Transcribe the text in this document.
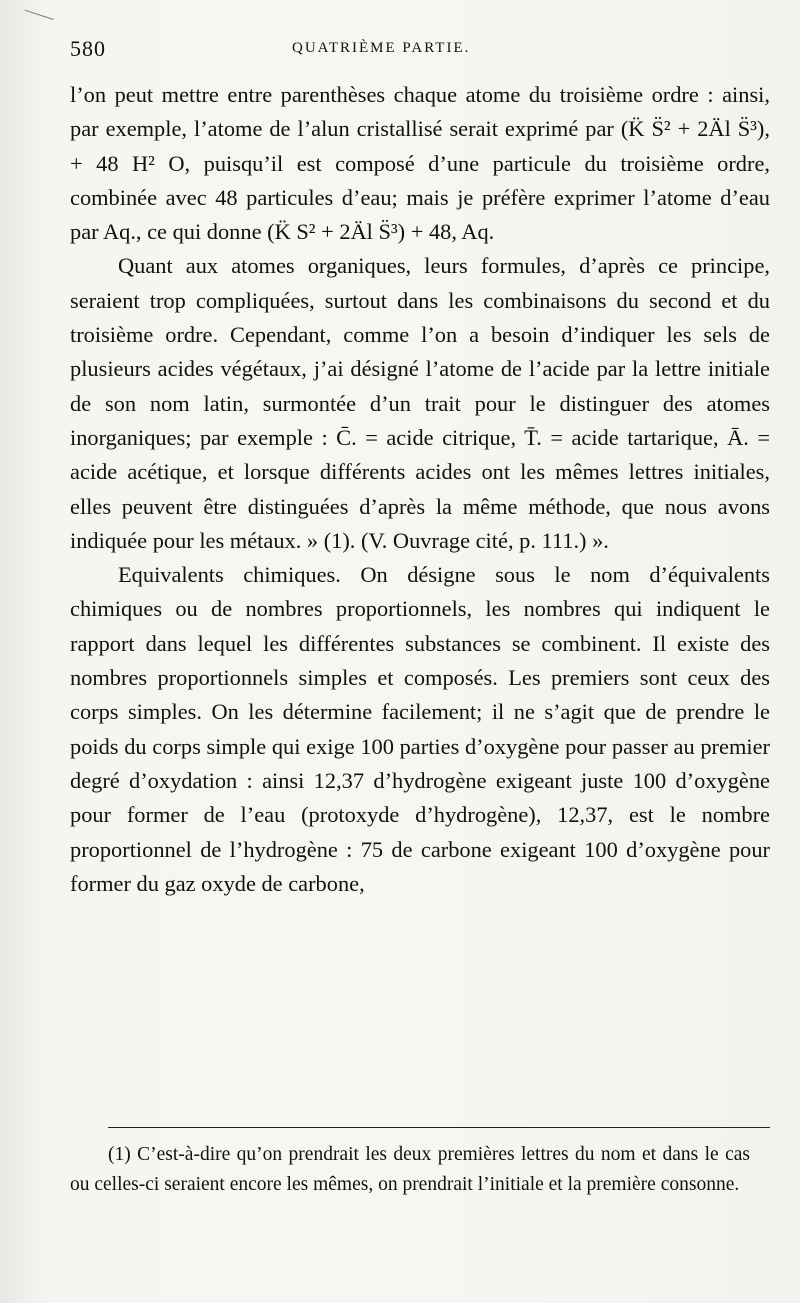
580	QUATRIÈME PARTIE.

l’on peut mettre entre parenthèses chaque atome du troisième ordre : ainsi, par exemple, l’atome de l’alun cristallisé serait exprimé par (K̈ S̈² + 2Äl S̈³), + 48 H² O, puisqu’il est composé d’une particule du troisième ordre, combinée avec 48 particules d’eau; mais je préfère exprimer l’atome d’eau par Aq., ce qui donne (K̈ S² + 2Äl S̈³) + 48, Aq.

Quant aux atomes organiques, leurs formules, d’après ce principe, seraient trop compliquées, surtout dans les combinaisons du second et du troisième ordre. Cependant, comme l’on a besoin d’indiquer les sels de plusieurs acides végétaux, j’ai désigné l’atome de l’acide par la lettre initiale de son nom latin, surmontée d’un trait pour le distinguer des atomes inorganiques; par exemple : C̄. = acide citrique, T̄. = acide tartarique, Ā. = acide acétique, et lorsque différents acides ont les mêmes lettres initiales, elles peuvent être distinguées d’après la même méthode, que nous avons indiquée pour les métaux. » (1). (V. Ouvrage cité, p. 111.) ».

Equivalents chimiques. On désigne sous le nom d’équivalents chimiques ou de nombres proportionnels, les nombres qui indiquent le rapport dans lequel les différentes substances se combinent. Il existe des nombres proportionnels simples et composés. Les premiers sont ceux des corps simples. On les détermine facilement; il ne s’agit que de prendre le poids du corps simple qui exige 100 parties d’oxygène pour passer au premier degré d’oxydation : ainsi 12,37 d’hydrogène exigeant juste 100 d’oxygène pour former de l’eau (protoxyde d’hydrogène), 12,37, est le nombre proportionnel de l’hydrogène : 75 de carbone exigeant 100 d’oxygène pour former du gaz oxyde de carbone,

(1) C’est-à-dire qu’on prendrait les deux premières lettres du nom et dans le cas ou celles-ci seraient encore les mêmes, on prendrait l’initiale et la première consonne.
